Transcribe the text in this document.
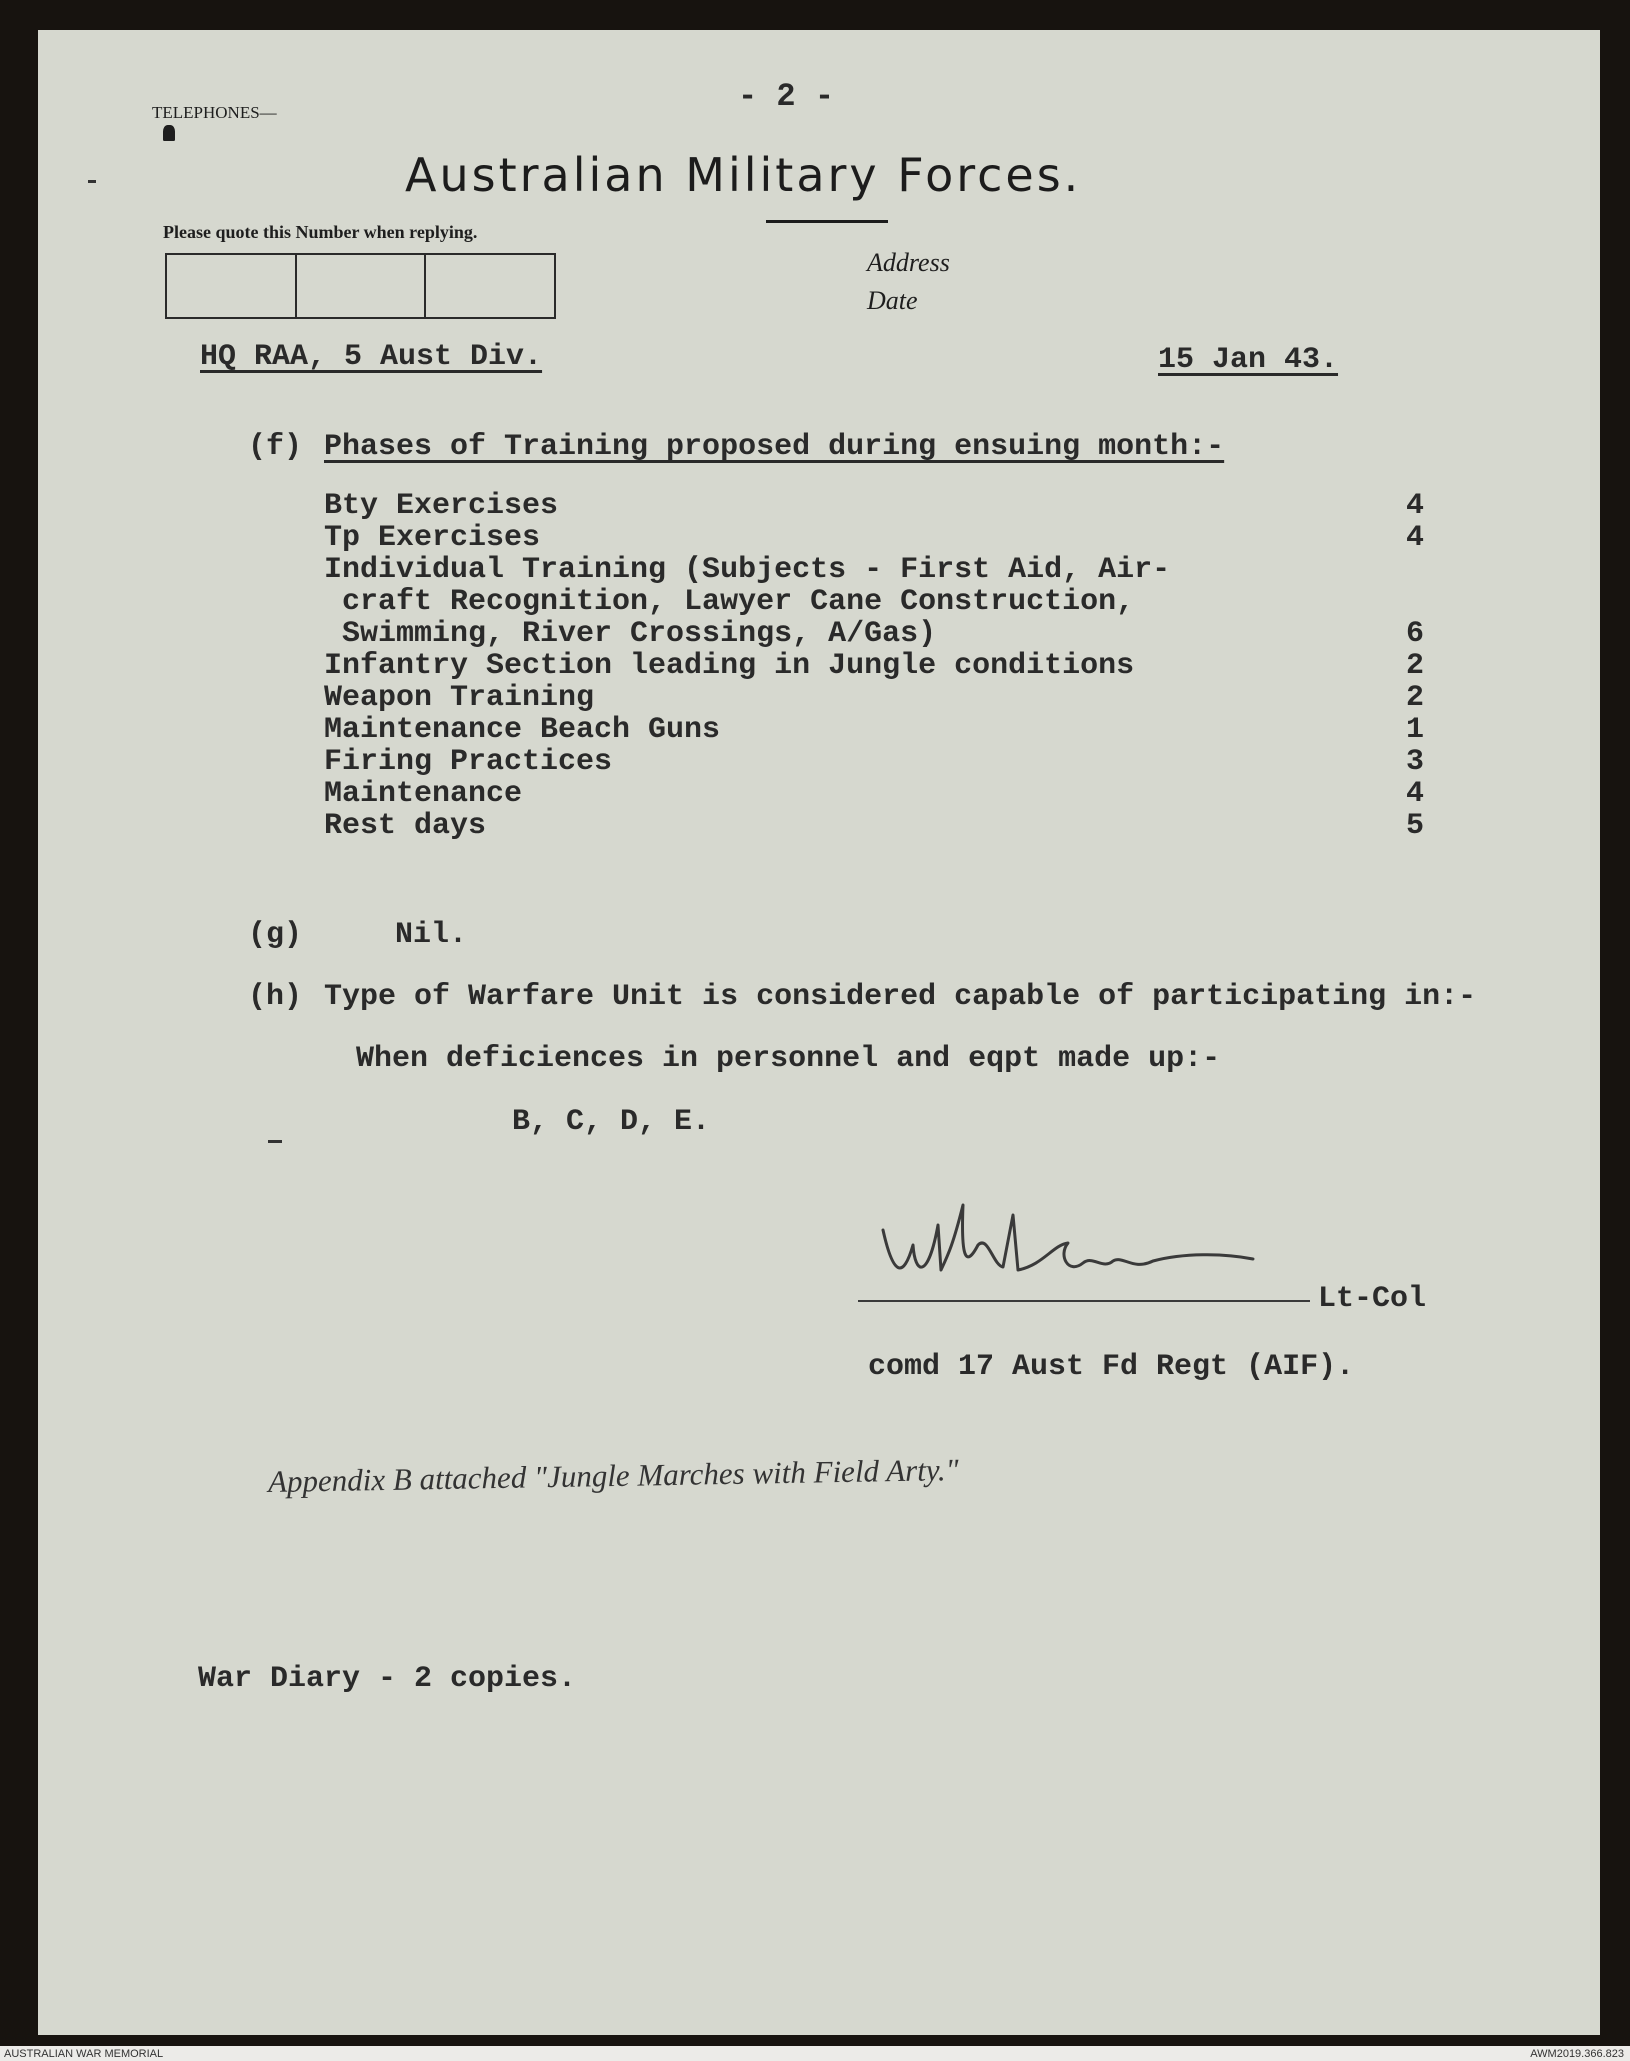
- 2 -
TELEPHONES—
Australian Military Forces.
Please quote this Number when replying.
Address
Date
HQ RAA, 5 Aust Div.	15 Jan 43.
(f) Phases of Training proposed during ensuing month:-
Bty Exercises	4
Tp Exercises	4
Individual Training (Subjects - First Aid, Air-
craft Recognition, Lawyer Cane Construction,
Swimming, River Crossings, A/Gas)	6
Infantry Section leading in Jungle conditions	2
Weapon Training	2
Maintenance Beach Guns	1
Firing Practices	3
Maintenance	4
Rest days	5
(g)	Nil.
(h) Type of Warfare Unit is considered capable of participating in:-
When deficiences in personnel and eqpt made up:-
B, C, D, E.
Lt-Col
comd 17 Aust Fd Regt (AIF).
Appendix B attached "Jungle Marches with Field Arty."
War Diary - 2 copies.
AUSTRALIAN WAR MEMORIAL	AWM2019.366.823
